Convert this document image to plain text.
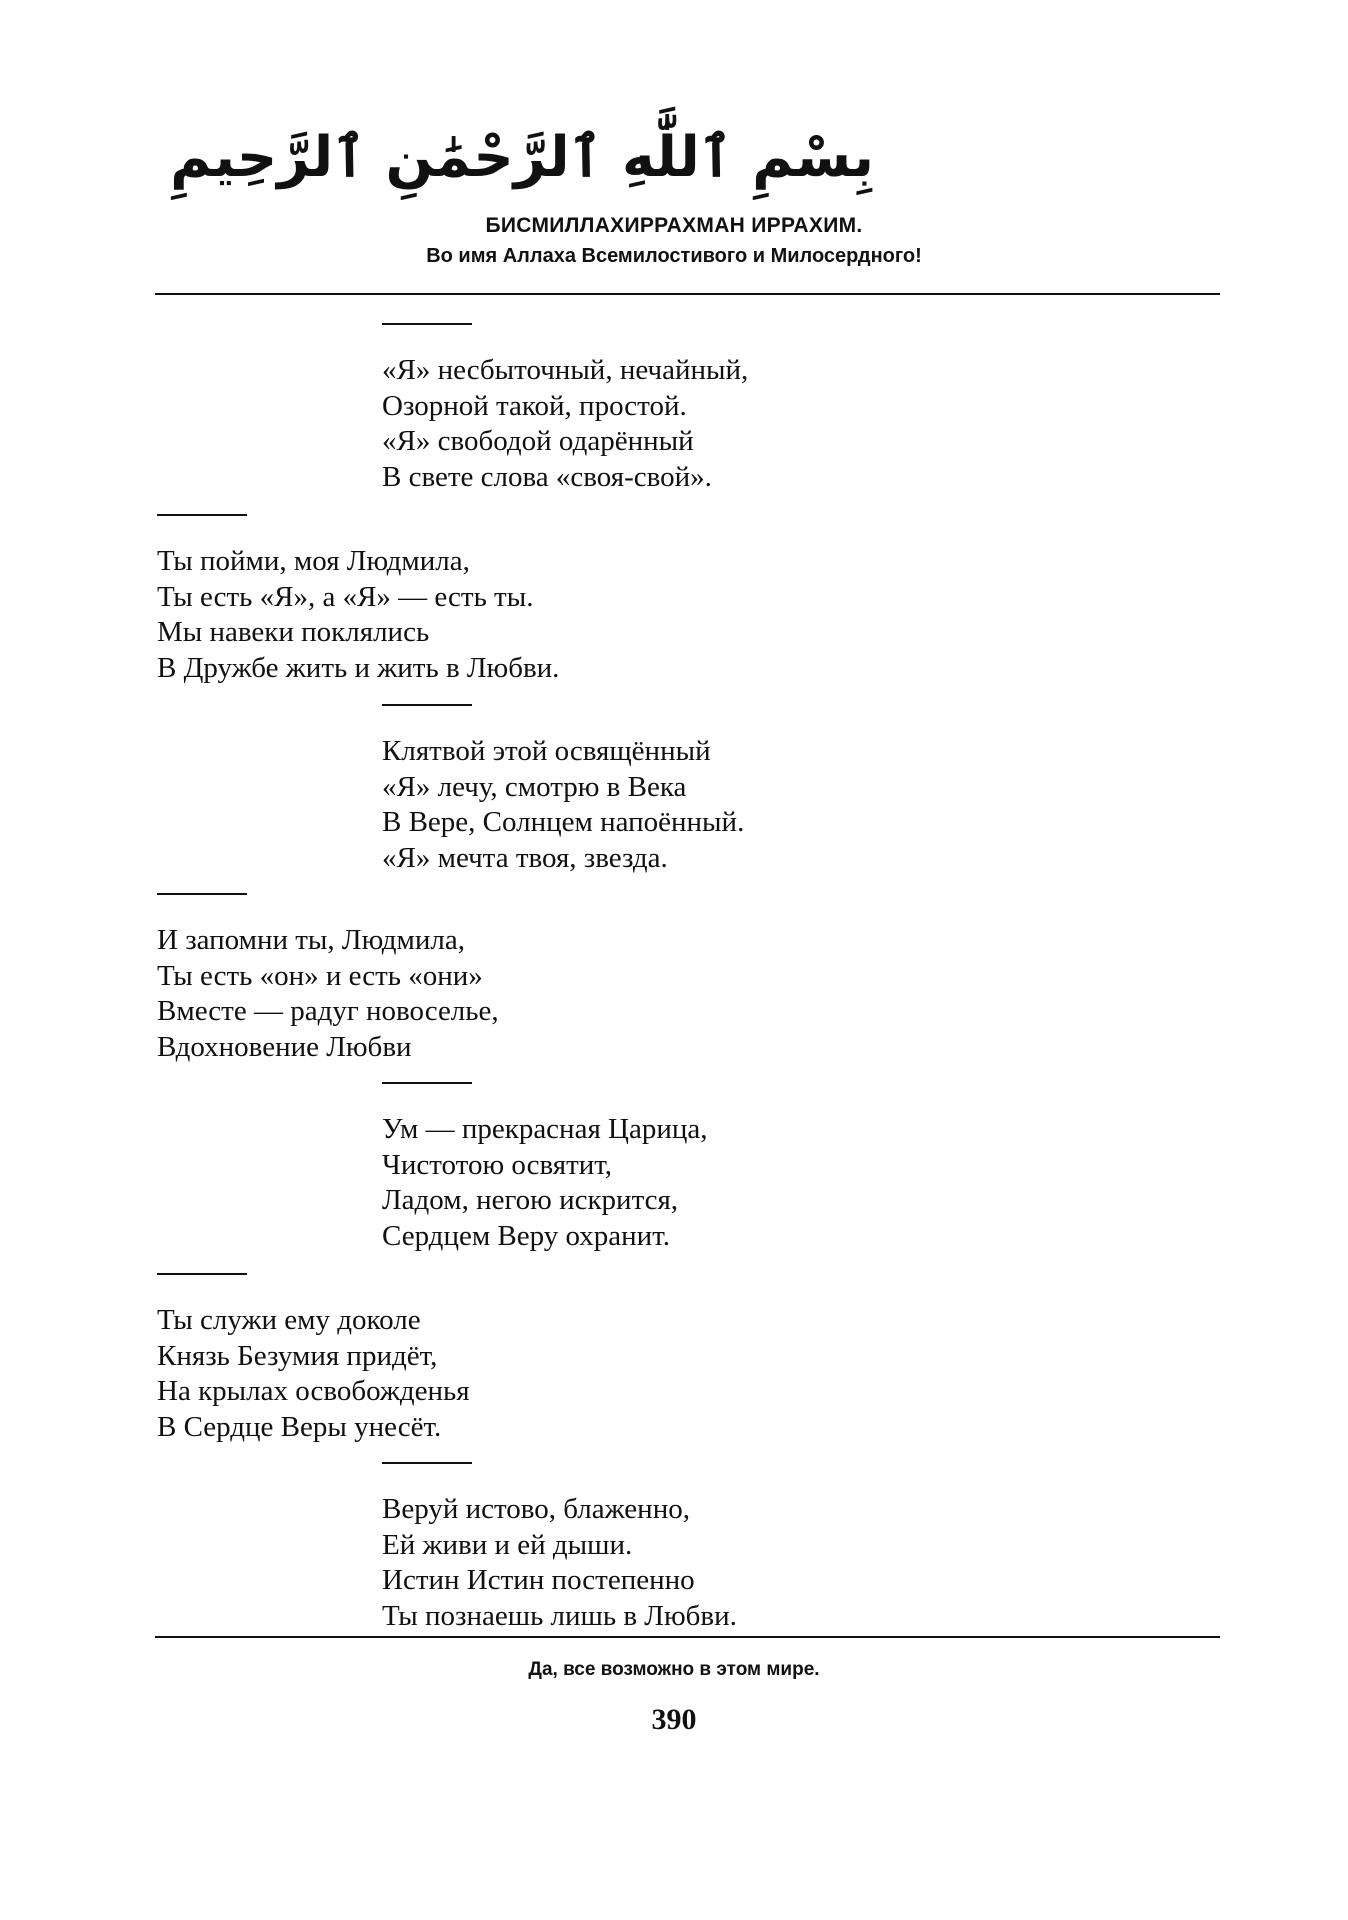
بِسْمِ ٱللَّٰهِ ٱلرَّحْمَٰنِ ٱلرَّحِيمِ
БИСМИЛЛАХИРРАХМАН ИРРАХИМ.
Во имя Аллаха Всемилостивого и Милосердного!
«Я» несбыточный, нечайный,
Озорной такой, простой.
«Я» свободой одарённый
В свете слова «своя-свой».
Ты пойми, моя Людмила,
Ты есть «Я», а «Я» — есть ты.
Мы навеки поклялись
В Дружбе жить и жить в Любви.
Клятвой этой освящённый
«Я» лечу, смотрю в Века
В Вере, Солнцем напоённый.
«Я» мечта твоя, звезда.
И запомни ты, Людмила,
Ты есть «он» и есть «они»
Вместе — радуг новоселье,
Вдохновение Любви
Ум — прекрасная Царица,
Чистотою освятит,
Ладом, негою искрится,
Сердцем Веру охранит.
Ты служи ему доколе
Князь Безумия придёт,
На крылах освобожденья
В Сердце Веры унесёт.
Веруй истово, блаженно,
Ей живи и ей дыши.
Истин Истин постепенно
Ты познаешь лишь в Любви.
Да, все возможно в этом мире.
390
